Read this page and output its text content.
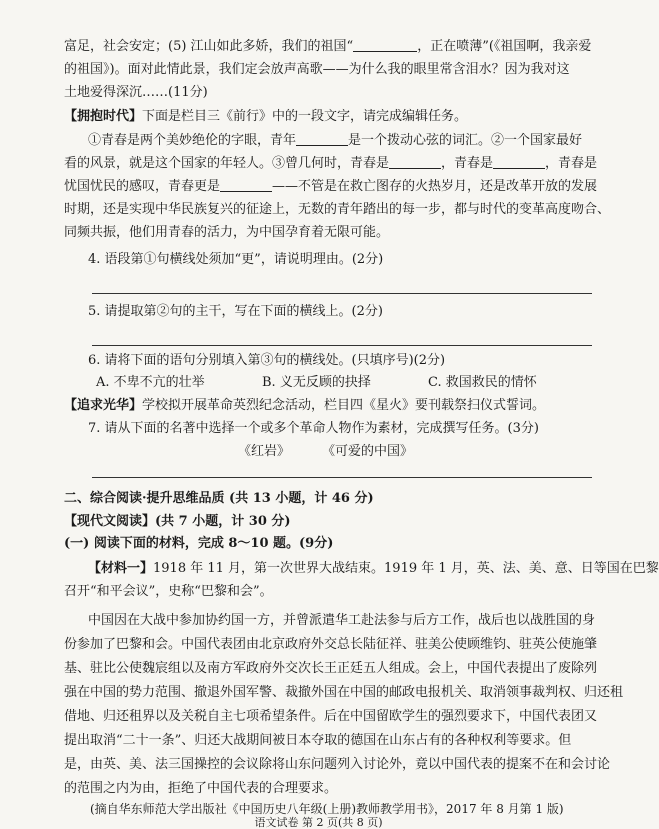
富足，社会安定；(5) 江山如此多娇，我们的祖国“	，正在喷薄”(《祖国啊，我亲爱
的祖国》)。面对此情此景，我们定会放声高歌——为什么我的眼里常含泪水？因为我对这
土地爱得深沉……(11分)
【拥抱时代】下面是栏目三《前行》中的一段文字，请完成编辑任务。
①青春是两个美妙绝伦的字眼，青年	是一个拨动心弦的词汇。②一个国家最好
看的风景，就是这个国家的年轻人。③曾几何时，青春是	，青春是	，青春是
忧国忧民的感叹，青春更是	——不管是在救亡图存的火热岁月，还是改革开放的发展
时期，还是实现中华民族复兴的征途上，无数的青年踏出的每一步，都与时代的变革高度吻合、
同频共振，他们用青春的活力，为中国孕育着无限可能。
4. 语段第①句横线处须加“更”，请说明理由。(2分)
5. 请提取第②句的主干，写在下面的横线上。(2分)
6. 请将下面的语句分别填入第③句的横线处。(只填序号)(2分)
A. 不卑不亢的壮举	B. 义无反顾的抉择	C. 救国救民的情怀
【追求光华】学校拟开展革命英烈纪念活动，栏目四《星火》要刊载祭扫仪式誓词。
7. 请从下面的名著中选择一个或多个革命人物作为素材，完成撰写任务。(3分)
《红岩》 《可爱的中国》
二、综合阅读·提升思维品质 (共 13 小题，计 46 分)
【现代文阅读】(共 7 小题，计 30 分)
(一) 阅读下面的材料，完成 8～10 题。(9分)
【材料一】1918 年 11 月，第一次世界大战结束。1919 年 1 月，英、法、美、意、日等国在巴黎
召开“和平会议”，史称“巴黎和会”。
中国因在大战中参加协约国一方，并曾派遣华工赴法参与后方工作，战后也以战胜国的身
份参加了巴黎和会。中国代表团由北京政府外交总长陆征祥、驻美公使顾维钧、驻英公使施肇
基、驻比公使魏宸组以及南方军政府外交次长王正廷五人组成。会上，中国代表提出了废除列
强在中国的势力范围、撤退外国军警、裁撤外国在中国的邮政电报机关、取消领事裁判权、归还租
借地、归还租界以及关税自主七项希望条件。后在中国留欧学生的强烈要求下，中国代表团又
提出取消“二十一条”、归还大战期间被日本夺取的德国在山东占有的各种权利等要求。但
是，由英、美、法三国操控的会议除将山东问题列入讨论外，竟以中国代表的提案不在和会讨论
的范围之内为由，拒绝了中国代表的合理要求。
(摘自华东师范大学出版社《中国历史八年级(上册)教师教学用书》，2017 年 8 月第 1 版)
语文试卷 第 2 页(共 8 页)
